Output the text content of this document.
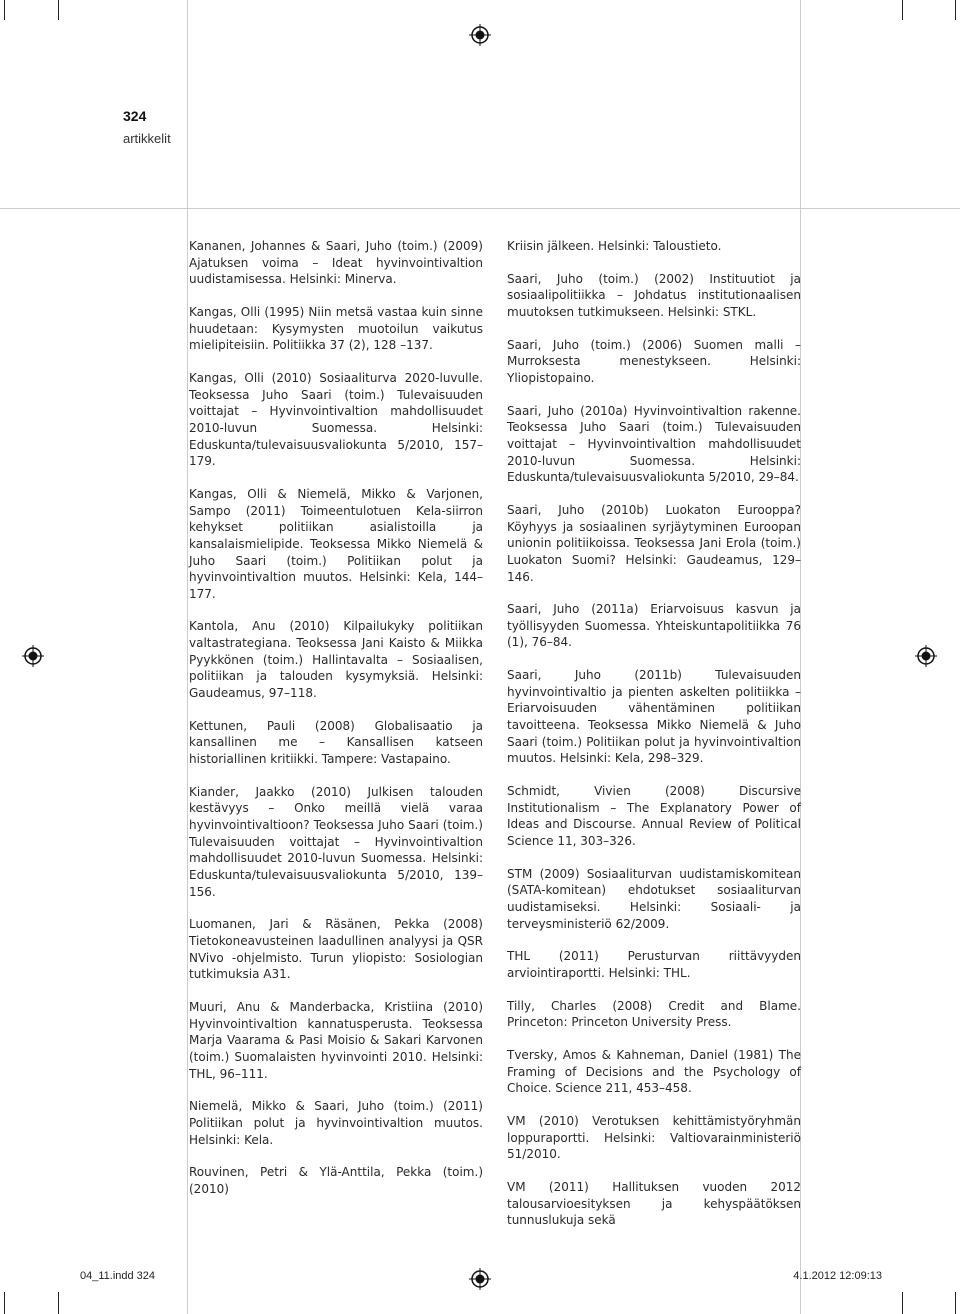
324
artikkelit

Kananen, Johannes & Saari, Juho (toim.) (2009) Ajatuksen voima – Ideat hyvinvointivaltion uudistamisessa. Helsinki: Minerva.

Kangas, Olli (1995) Niin metsä vastaa kuin sinne huudetaan: Kysymysten muotoilun vaikutus mielipiteisiin. Politiikka 37 (2), 128 –137.

Kangas, Olli (2010) Sosiaaliturva 2020-luvulle. Teoksessa Juho Saari (toim.) Tulevaisuuden voittajat – Hyvinvointivaltion mahdollisuudet 2010-luvun Suomessa. Helsinki: Eduskunta/tulevaisuusvaliokunta 5/2010, 157–179.

Kangas, Olli & Niemelä, Mikko & Varjonen, Sampo (2011) Toimeentulotuen Kela-siirron kehykset politiikan asialistoilla ja kansalaismielipide. Teoksessa Mikko Niemelä & Juho Saari (toim.) Politiikan polut ja hyvinvointivaltion muutos. Helsinki: Kela, 144–177.

Kantola, Anu (2010) Kilpailukyky politiikan valtastrategiana. Teoksessa Jani Kaisto & Miikka Pyykkönen (toim.) Hallintavalta – Sosiaalisen, politiikan ja talouden kysymyksiä. Helsinki: Gaudeamus, 97–118.

Kettunen, Pauli (2008) Globalisaatio ja kansallinen me – Kansallisen katseen historiallinen kritiikki. Tampere: Vastapaino.

Kiander, Jaakko (2010) Julkisen talouden kestävyys – Onko meillä vielä varaa hyvinvointivaltioon? Teoksessa Juho Saari (toim.) Tulevaisuuden voittajat – Hyvinvointivaltion mahdollisuudet 2010-luvun Suomessa. Helsinki: Eduskunta/tulevaisuusvaliokunta 5/2010, 139–156.

Luomanen, Jari & Räsänen, Pekka (2008) Tietokoneavusteinen laadullinen analyysi ja QSR NVivo -ohjelmisto. Turun yliopisto: Sosiologian tutkimuksia A31.

Muuri, Anu & Manderbacka, Kristiina (2010) Hyvinvointivaltion kannatusperusta. Teoksessa Marja Vaarama & Pasi Moisio & Sakari Karvonen (toim.) Suomalaisten hyvinvointi 2010. Helsinki: THL, 96–111.

Niemelä, Mikko & Saari, Juho (toim.) (2011) Politiikan polut ja hyvinvointivaltion muutos. Helsinki: Kela.

Rouvinen, Petri & Ylä-Anttila, Pekka (toim.) (2010)

Kriisin jälkeen. Helsinki: Taloustieto.

Saari, Juho (toim.) (2002) Instituutiot ja sosiaalipolitiikka – Johdatus institutionaalisen muutoksen tutkimukseen. Helsinki: STKL.

Saari, Juho (toim.) (2006) Suomen malli – Murroksesta menestykseen. Helsinki: Yliopistopaino.

Saari, Juho (2010a) Hyvinvointivaltion rakenne. Teoksessa Juho Saari (toim.) Tulevaisuuden voittajat – Hyvinvointivaltion mahdollisuudet 2010-luvun Suomessa. Helsinki: Eduskunta/tulevaisuusvaliokunta 5/2010, 29–84.

Saari, Juho (2010b) Luokaton Eurooppa? Köyhyys ja sosiaalinen syrjäytyminen Euroopan unionin politiikoissa. Teoksessa Jani Erola (toim.) Luokaton Suomi? Helsinki: Gaudeamus, 129–146.

Saari, Juho (2011a) Eriarvoisuus kasvun ja työllisyyden Suomessa. Yhteiskuntapolitiikka 76 (1), 76–84.

Saari, Juho (2011b) Tulevaisuuden hyvinvointivaltio ja pienten askelten politiikka – Eriarvoisuuden vähentäminen politiikan tavoitteena. Teoksessa Mikko Niemelä & Juho Saari (toim.) Politiikan polut ja hyvinvointivaltion muutos. Helsinki: Kela, 298–329.

Schmidt, Vivien (2008) Discursive Institutionalism – The Explanatory Power of Ideas and Discourse. Annual Review of Political Science 11, 303–326.

STM (2009) Sosiaaliturvan uudistamiskomitean (SATA-komitean) ehdotukset sosiaaliturvan uudistamiseksi. Helsinki: Sosiaali- ja terveysministeriö 62/2009.

THL (2011) Perusturvan riittävyyden arviointiraportti. Helsinki: THL.

Tilly, Charles (2008) Credit and Blame. Princeton: Princeton University Press.

Tversky, Amos & Kahneman, Daniel (1981) The Framing of Decisions and the Psychology of Choice. Science 211, 453–458.

VM (2010) Verotuksen kehittämistyöryhmän loppuraportti. Helsinki: Valtiovarainministeriö 51/2010.

VM (2011) Hallituksen vuoden 2012 talousarvioesityksen ja kehyspäätöksen tunnuslukuja sekä

04_11.indd 324	4.1.2012 12:09:13
